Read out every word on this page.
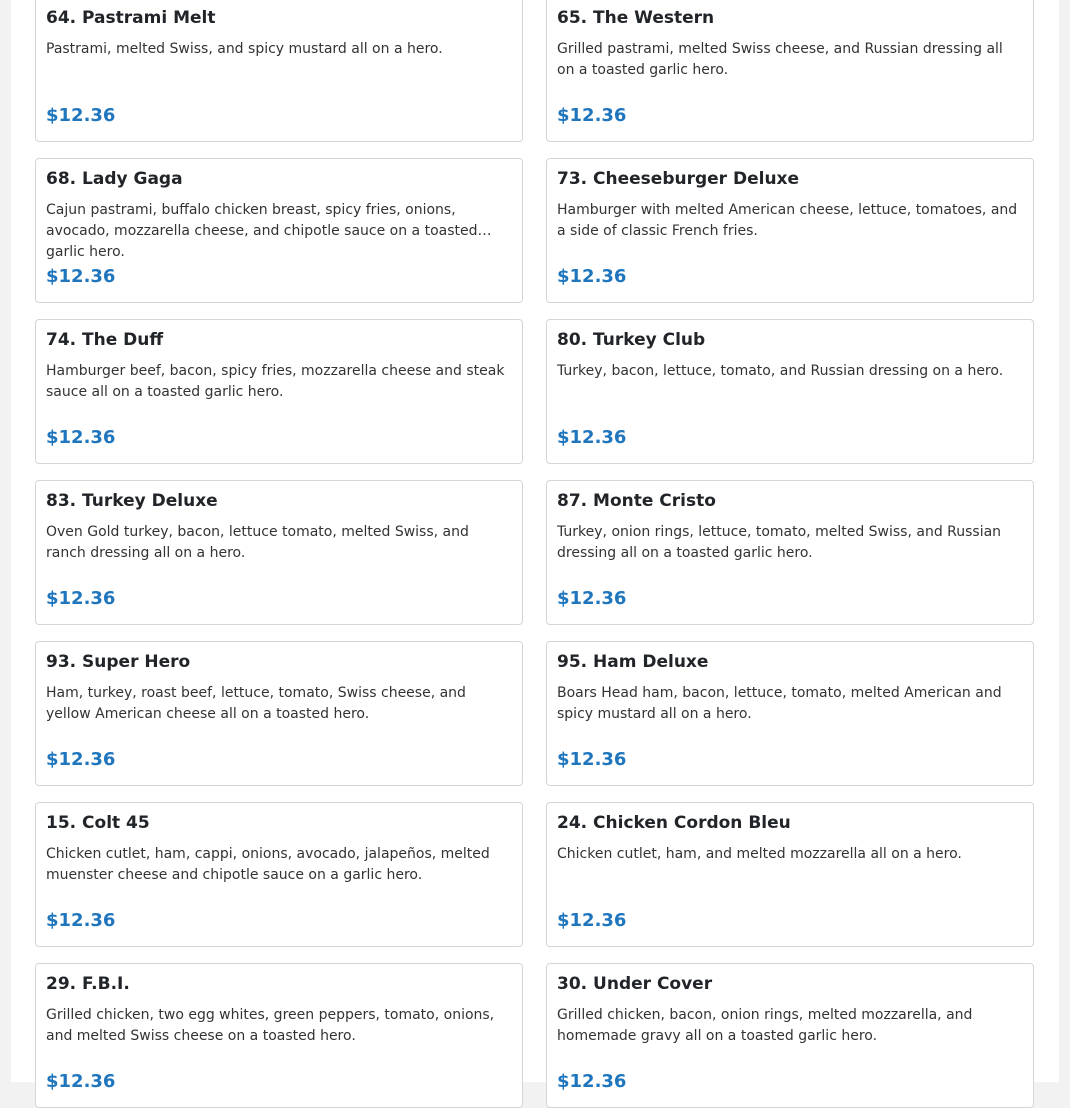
64. Pastrami Melt
Pastrami, melted Swiss, and spicy mustard all on a hero.
$12.36
65. The Western
Grilled pastrami, melted Swiss cheese, and Russian dressing all on a toasted garlic hero.
$12.36
68. Lady Gaga
Cajun pastrami, buffalo chicken breast, spicy fries, onions, avocado, mozzarella cheese, and chipotle sauce on a toasted garlic hero.
$12.36
73. Cheeseburger Deluxe
Hamburger with melted American cheese, lettuce, tomatoes, and a side of classic French fries.
$12.36
74. The Duff
Hamburger beef, bacon, spicy fries, mozzarella cheese and steak sauce all on a toasted garlic hero.
$12.36
80. Turkey Club
Turkey, bacon, lettuce, tomato, and Russian dressing on a hero.
$12.36
83. Turkey Deluxe
Oven Gold turkey, bacon, lettuce tomato, melted Swiss, and ranch dressing all on a hero.
$12.36
87. Monte Cristo
Turkey, onion rings, lettuce, tomato, melted Swiss, and Russian dressing all on a toasted garlic hero.
$12.36
93. Super Hero
Ham, turkey, roast beef, lettuce, tomato, Swiss cheese, and yellow American cheese all on a toasted hero.
$12.36
95. Ham Deluxe
Boars Head ham, bacon, lettuce, tomato, melted American and spicy mustard all on a hero.
$12.36
15. Colt 45
Chicken cutlet, ham, cappi, onions, avocado, jalapeños, melted muenster cheese and chipotle sauce on a garlic hero.
$12.36
24. Chicken Cordon Bleu
Chicken cutlet, ham, and melted mozzarella all on a hero.
$12.36
29. F.B.I.
Grilled chicken, two egg whites, green peppers, tomato, onions, and melted Swiss cheese on a toasted hero.
$12.36
30. Under Cover
Grilled chicken, bacon, onion rings, melted mozzarella, and homemade gravy all on a toasted garlic hero.
$12.36
